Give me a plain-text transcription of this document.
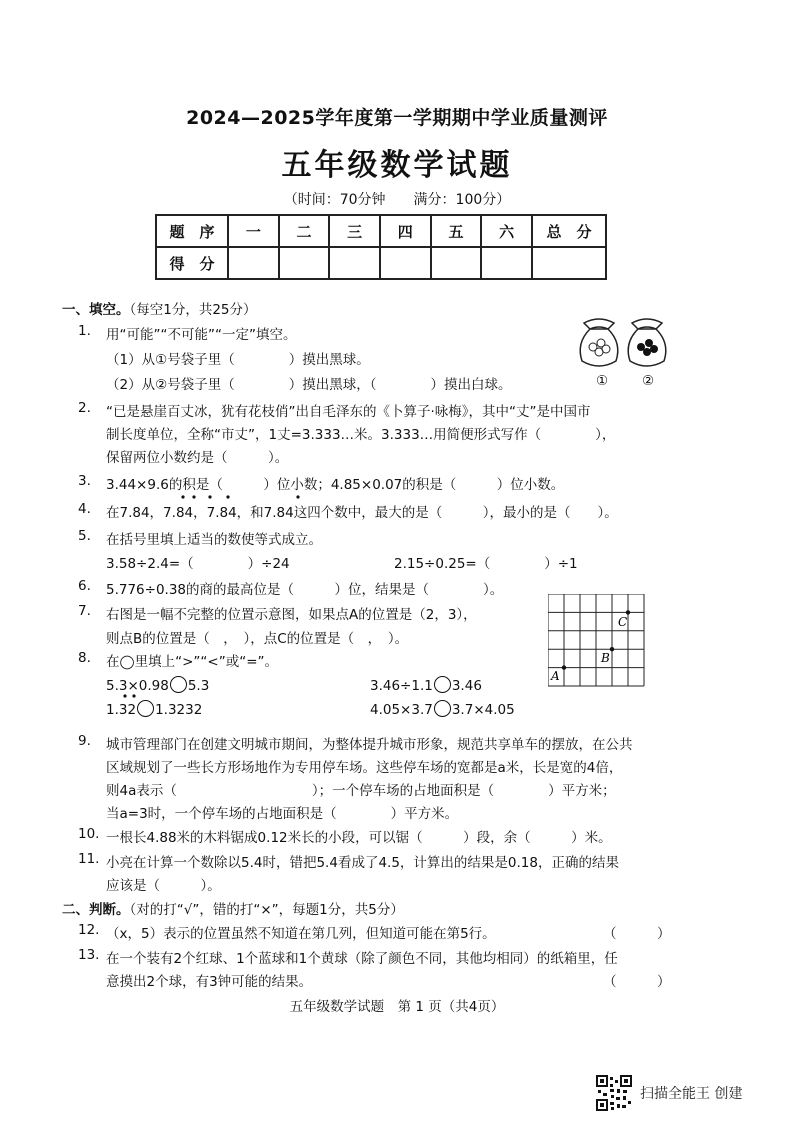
2024—2025学年度第一学期期中学业质量测评
五年级数学试题
（时间：70分钟 满分：100分）
题　序	一	二	三	四	五	六	总　分
得　分							
一、填空。（每空1分，共25分）
1. 用“可能”“不可能”“一定”填空。
（1）从①号袋子里（　　　　）摸出黑球。
（2）从②号袋子里（　　　　）摸出黑球，（　　　　）摸出白球。	①	②
2. “已是悬崖百丈冰，犹有花枝俏”出自毛泽东的《卜算子·咏梅》，其中“丈”是中国市
制长度单位，全称“市丈”，1丈=3.333…米。3.333…用简便形式写作（　　　　），
保留两位小数约是（　　　）。
3. 3.44×9.6的积是（　　　）位小数；4.85×0.07的积是（　　　）位小数。
4. 在7.84，7.84，7.84，和7.84这四个数中，最大的是（　　　），最小的是（　　）。
5. 在括号里填上适当的数使等式成立。
3.58÷2.4=（　　　　）÷24	2.15÷0.25=（　　　　）÷1
6. 5.776÷0.38的商的最高位是（　　　）位，结果是（　　　　）。
7. 右图是一幅不完整的位置示意图，如果点A的位置是（2，3），
则点B的位置是（　，　），点C的位置是（　，　）。
C
B
A
8. 在◯里填上“>”“<”或“=”。
5.3×0.98 5.3	3.46÷1.1 3.46
1.32 1.3232	4.05×3.7 3.7×4.05
9. 城市管理部门在创建文明城市期间，为整体提升城市形象，规范共享单车的摆放，在公共
区域规划了一些长方形场地作为专用停车场。这些停车场的宽都是a米，长是宽的4倍，
则4a表示（　　　　　　　　　　）；一个停车场的占地面积是（　　　　）平方米；
当a=3时，一个停车场的占地面积是（　　　　）平方米。
10. 一根长4.88米的木料锯成0.12米长的小段，可以锯（　　　）段，余（　　　）米。
11. 小亮在计算一个数除以5.4时，错把5.4看成了4.5，计算出的结果是0.18，正确的结果
应该是（　　　）。
二、判断。（对的打“√”，错的打“×”，每题1分，共5分）
12. （x，5）表示的位置虽然不知道在第几列，但知道可能在第5行。	（　　　）
13. 在一个装有2个红球、1个蓝球和1个黄球（除了颜色不同，其他均相同）的纸箱里，任
意摸出2个球，有3钟可能的结果。	（　　　）
五年级数学试题　第 1 页（共4页）
扫描全能王 创建
